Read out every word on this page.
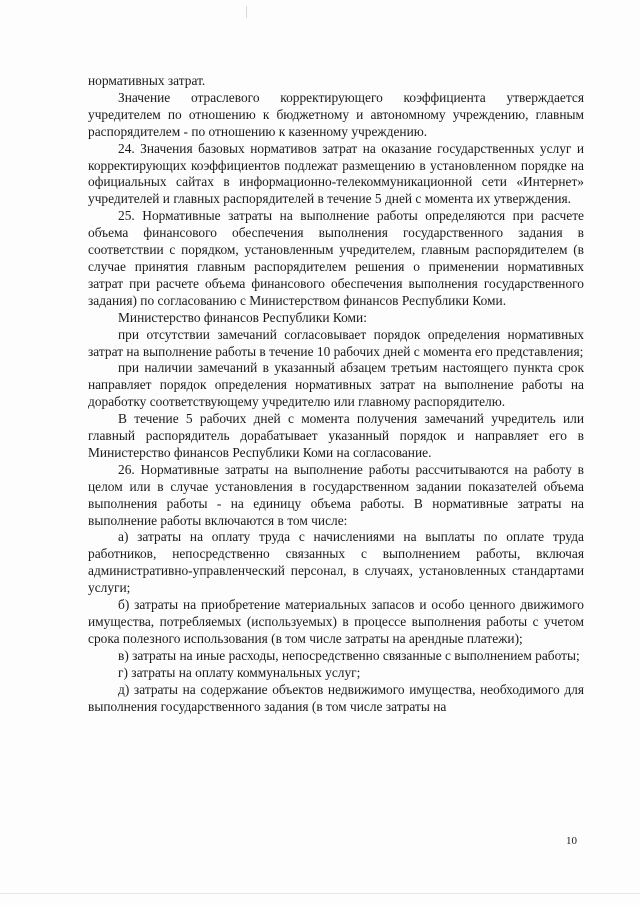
нормативных затрат.

Значение отраслевого корректирующего коэффициента утверждается учредителем по отношению к бюджетному и автономному учреждению, главным распорядителем - по отношению к казенному учреждению.

24. Значения базовых нормативов затрат на оказание государственных услуг и корректирующих коэффициентов подлежат размещению в установленном порядке на официальных сайтах в информационно-телекоммуникационной сети «Интернет» учредителей и главных распорядителей в течение 5 дней с момента их утверждения.

25. Нормативные затраты на выполнение работы определяются при расчете объема финансового обеспечения выполнения государственного задания в соответствии с порядком, установленным учредителем, главным распорядителем (в случае принятия главным распорядителем решения о применении нормативных затрат при расчете объема финансового обеспечения выполнения государственного задания) по согласованию с Министерством финансов Республики Коми.

Министерство финансов Республики Коми:

при отсутствии замечаний согласовывает порядок определения нормативных затрат на выполнение работы в течение 10 рабочих дней с момента его представления;

при наличии замечаний в указанный абзацем третьим настоящего пункта срок направляет порядок определения нормативных затрат на выполнение работы на доработку соответствующему учредителю или главному распорядителю.

В течение 5 рабочих дней с момента получения замечаний учредитель или главный распорядитель дорабатывает указанный порядок и направляет его в Министерство финансов Республики Коми на согласование.

26. Нормативные затраты на выполнение работы рассчитываются на работу в целом или в случае установления в государственном задании показателей объема выполнения работы - на единицу объема работы. В нормативные затраты на выполнение работы включаются в том числе:

а) затраты на оплату труда с начислениями на выплаты по оплате труда работников, непосредственно связанных с выполнением работы, включая административно-управленческий персонал, в случаях, установленных стандартами услуги;

б) затраты на приобретение материальных запасов и особо ценного движимого имущества, потребляемых (используемых) в процессе выполнения работы с учетом срока полезного использования (в том числе затраты на арендные платежи);

в) затраты на иные расходы, непосредственно связанные с выполнением работы;

г) затраты на оплату коммунальных услуг;

д) затраты на содержание объектов недвижимого имущества, необходимого для выполнения государственного задания (в том числе затраты на

10
